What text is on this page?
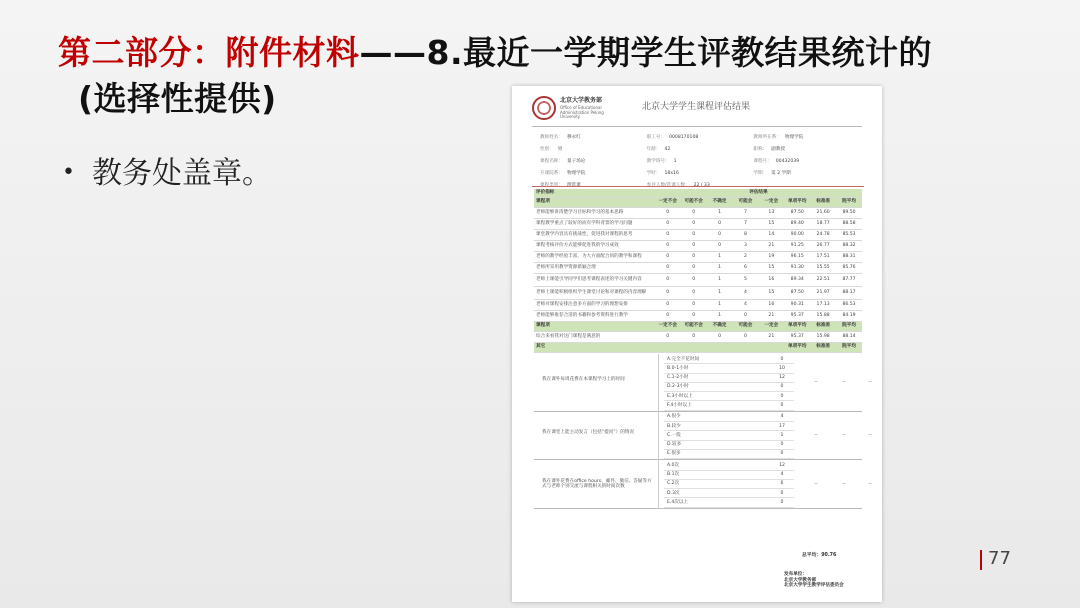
第二部分：附件材料——8.最近一学期学生评教结果统计的
(选择性提供)
• 教务处盖章。
77
北京大学教务部
Office of Educational Administration Peking University
北京大学学生课程评估结果
教师姓名： 穆永红	职工号： 0008170108	教师所在系： 物理学院
性别： 男	年龄： 42	职称： 副教授
课程名称： 量子场论	教学班号： 1	课程号： 00432039
开课院系： 物理学院	学时： 18x16	学期： 第 2 学期
评价指标	评估结果							
课程项	一定不会	可能不会	不确定	可能会	一定会	单项平均	标准差	院平均
老师能够讲清楚学习目标和学习的基本思路	0	0	1	7	13	87.50	21.60	89.50
课程教学重点了较好的而有学科背景的学习问题	0	0	0	7	15	89.40	18.77	88.58
课堂教学内容具有挑战性，促进我对课程的思考	0	0	0	8	14	90.00	24.78	85.53
课程考核评价方式能够促进我的学习成效	0	0	0	3	21	91.25	26.77	88.32
老师的教学经验丰富，为大方面配合同的教学和课程	0	0	1	2	19	96.15	17.51	88.31
老师所采用教学资源新颖合理	0	0	1	6	15	91.30	15.55	85.76
老师上课能引导同学们思考课程表述的学习关键内容	0	0	1	5	16	89.34	22.51	87.77
老师上课能积极组织学生课堂讨论和对课程的内容理解	0	0	1	4	15	87.50	21.97	88.17
老师对课程安排注意多方面的学习的理想安排	0	0	1	4	16	90.31	17.13	86.53
老师能够推荐合适的书籍和参考资料进行教学	0	0	1	0	21	95.37	15.88	84.19
课程项	一定不会	可能不会	不确定	可能会	一定会	单项平均	标准差	院平均
综合来看我对这门课程是满意的	0	0	0	0	21	95.37	15.98	88.14
其它						单项平均	标准差	院平均
我在课外每周花费在本课程学习上的时间
A.完全不花时间	0
B.0-1小时	10
C.1-2小时	12
D.2-3小时	0
E.3小时以上	0
F.4小时以上	0
--	--	--
我在课堂上能主动发言（包括“提问”）的情况
A.很少	4
B.较少	17
C.一般	1
D.较多	0
E.很多	0
--	--	--
我在课外花费在office hours、邮件、微信、答疑等方式与老师个别交流与课程相关的时间次数
A.0次	12
B.1次	4
C.2次	6
D.3次	0
E.4次以上	0
--	--	--
总平均：90.76
发布单位：
北京大学教务部
北京大学学生教学评估委员会
